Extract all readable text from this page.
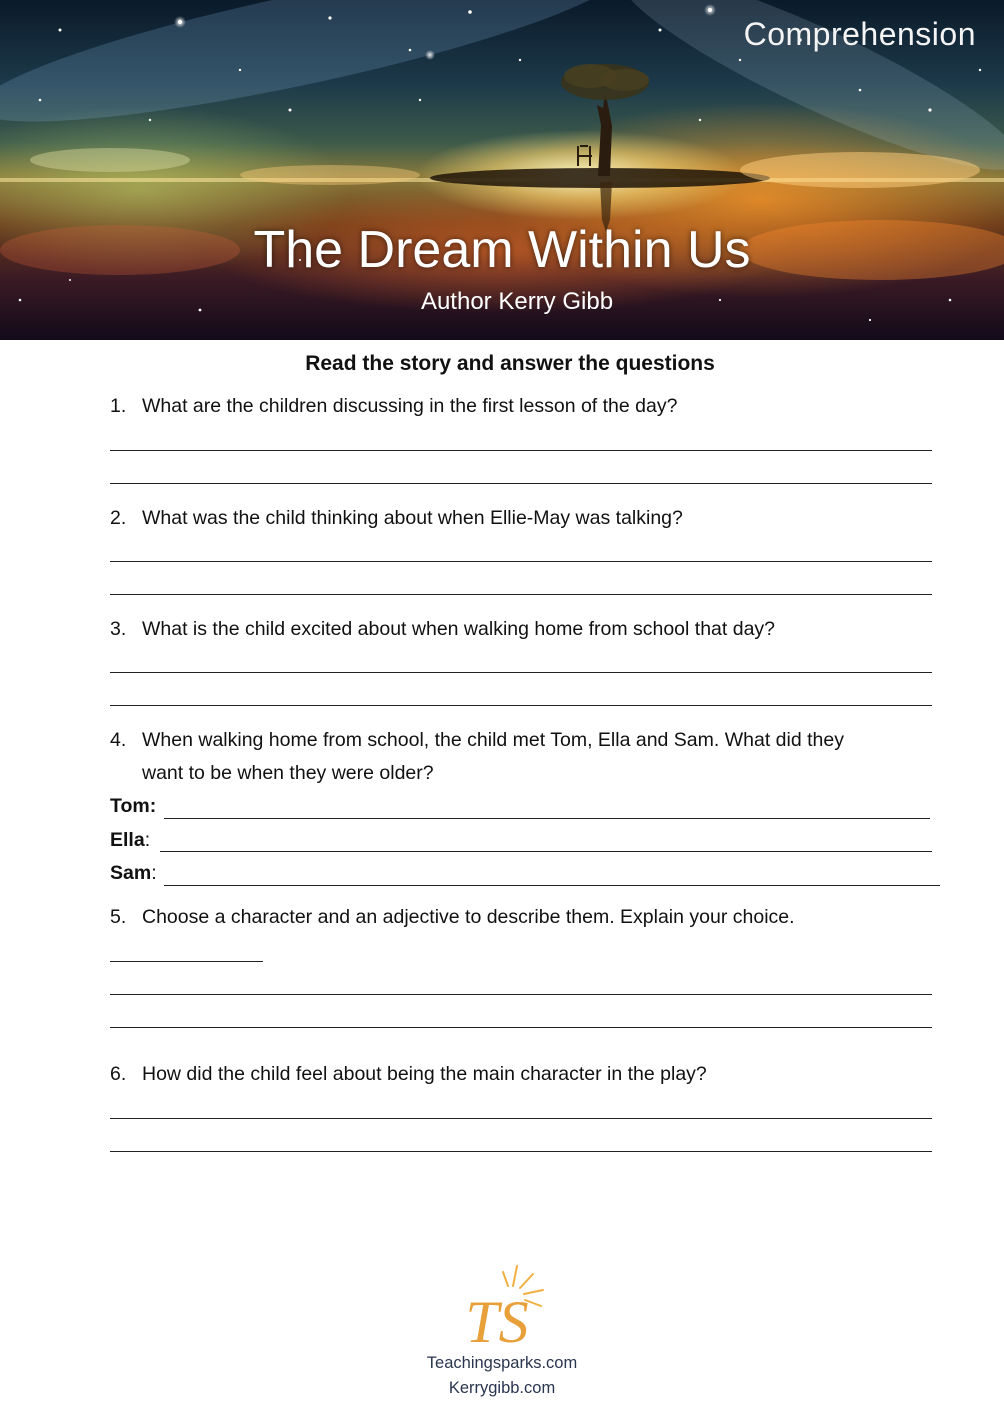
Comprehension
The Dream Within Us
Author Kerry Gibb
Read the story and answer the questions
1. What are the children discussing in the first lesson of the day?
2. What was the child thinking about when Ellie-May was talking?
3. What is the child excited about when walking home from school that day?
4. When walking home from school, the child met Tom, Ella and Sam. What did they
want to be when they were older?
Tom:
Ella:
Sam:
5. Choose a character and an adjective to describe them. Explain your choice.
6. How did the child feel about being the main character in the play?
TS
Teachingsparks.com
Kerrygibb.com
